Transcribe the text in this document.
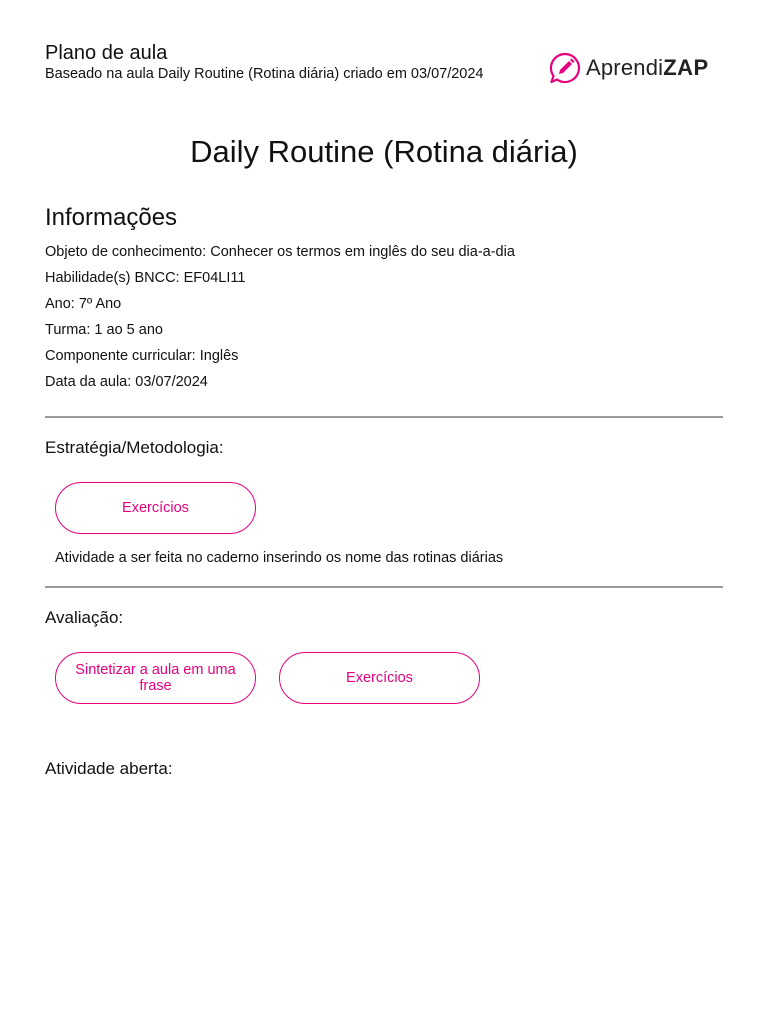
Plano de aula
Baseado na aula Daily Routine (Rotina diária) criado em 03/07/2024	AprendiZAP
Daily Routine (Rotina diária)
Informações
Objeto de conhecimento: Conhecer os termos em inglês do seu dia-a-dia
Habilidade(s) BNCC: EF04LI11
Ano: 7º Ano
Turma: 1 ao 5 ano
Componente curricular: Inglês
Data da aula: 03/07/2024
Estratégia/Metodologia:
Exercícios
Atividade a ser feita no caderno inserindo os nome das rotinas diárias
Avaliação:
Sintetizar a aula em uma frase	Exercícios
Atividade aberta:
